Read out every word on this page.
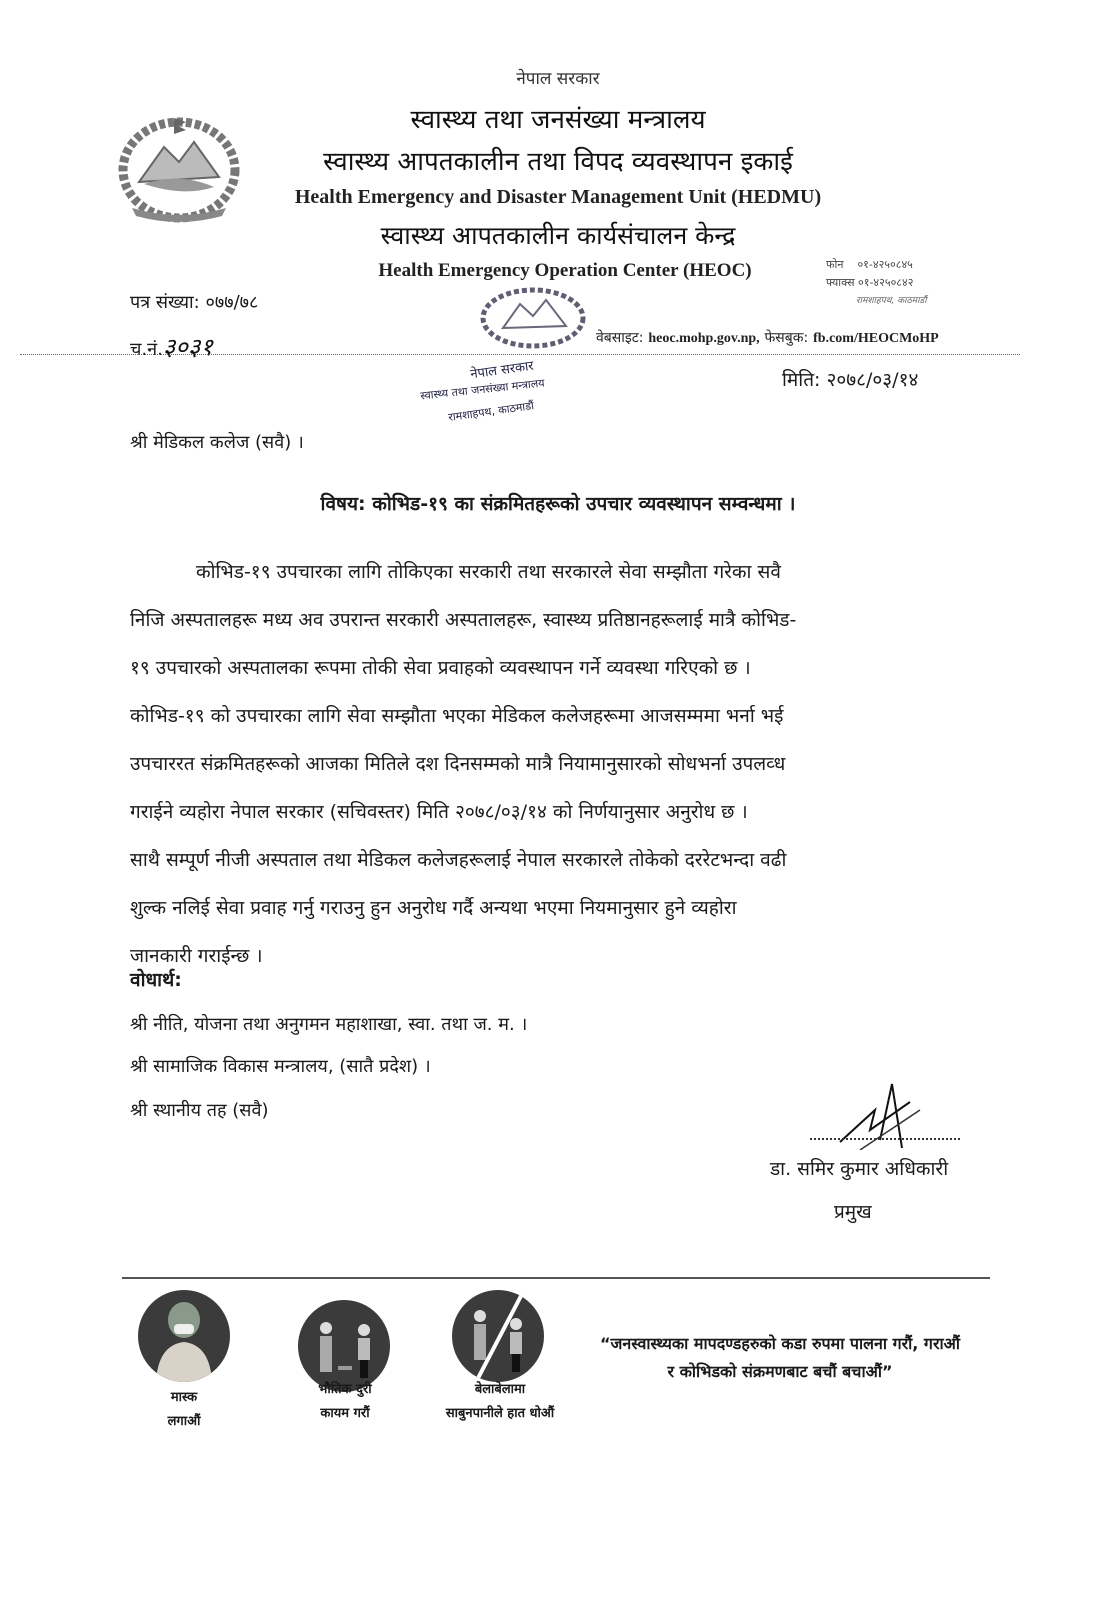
नेपाल सरकार
स्वास्थ्य तथा जनसंख्या मन्त्रालय
स्वास्थ्य आपतकालीन तथा विपद व्यवस्थापन इकाई
Health Emergency and Disaster Management Unit (HEDMU)
स्वास्थ्य आपतकालीन कार्यसंचालन केन्द्र
Health Emergency Operation Center (HEOC)	फोन ०१-४२५०८४५
फ्याक्स ०१-४२५०८४२
रामशाहपथ, काठमाडौं
पत्र संख्या: ०७७/७८
च.नं.३०३१	वेबसाइट: heoc.mohp.gov.np, फेसबुक: fb.com/HEOCMoHP
नेपाल सरकार
स्वास्थ्य तथा जनसंख्या मन्त्रालय
रामशाहपथ, काठमाडौं
मिति: २०७८/०३/१४
श्री मेडिकल कलेज (सवै) ।
विषय: कोभिड-१९ का संक्रमितहरूको उपचार व्यवस्थापन सम्वन्धमा ।
कोभिड-१९ उपचारका लागि तोकिएका सरकारी तथा सरकारले सेवा सम्झौता गरेका सवै
निजि अस्पतालहरू मध्य अव उपरान्त सरकारी अस्पतालहरू, स्वास्थ्य प्रतिष्ठानहरूलाई मात्रै कोभिड-
१९ उपचारको अस्पतालका रूपमा तोकी सेवा प्रवाहको व्यवस्थापन गर्ने व्यवस्था गरिएको छ ।
कोभिड-१९ को उपचारका लागि सेवा सम्झौता भएका मेडिकल कलेजहरूमा आजसम्ममा भर्ना भई
उपचाररत संक्रमितहरूको आजका मितिले दश दिनसम्मको मात्रै नियामानुसारको सोधभर्ना उपलव्ध
गराईने व्यहोरा नेपाल सरकार (सचिवस्तर) मिति २०७८/०३/१४ को निर्णयानुसार अनुरोध छ ।
साथै सम्पूर्ण नीजी अस्पताल तथा मेडिकल कलेजहरूलाई नेपाल सरकारले तोकेको दररेटभन्दा वढी
शुल्क नलिई सेवा प्रवाह गर्नु गराउनु हुन अनुरोध गर्दै अन्यथा भएमा नियमानुसार हुने व्यहोरा
जानकारी गराईन्छ ।
वोधार्थ:
श्री नीति, योजना तथा अनुगमन महाशाखा, स्वा. तथा ज. म. ।
श्री सामाजिक विकास मन्त्रालय, (सातै प्रदेश) ।
श्री स्थानीय तह (सवै)
डा. समिर कुमार अधिकारी
प्रमुख
मास्क
लगाऔं
भौतिक दुरी
कायम गरौं
बेलाबेलामा
साबुनपानीले हात धोऔं
“जनस्वास्थ्यका मापदण्डहरुको कडा रुपमा पालना गरौं, गराऔं
र कोभिडको संक्रमणबाट बचौं बचाऔं”
